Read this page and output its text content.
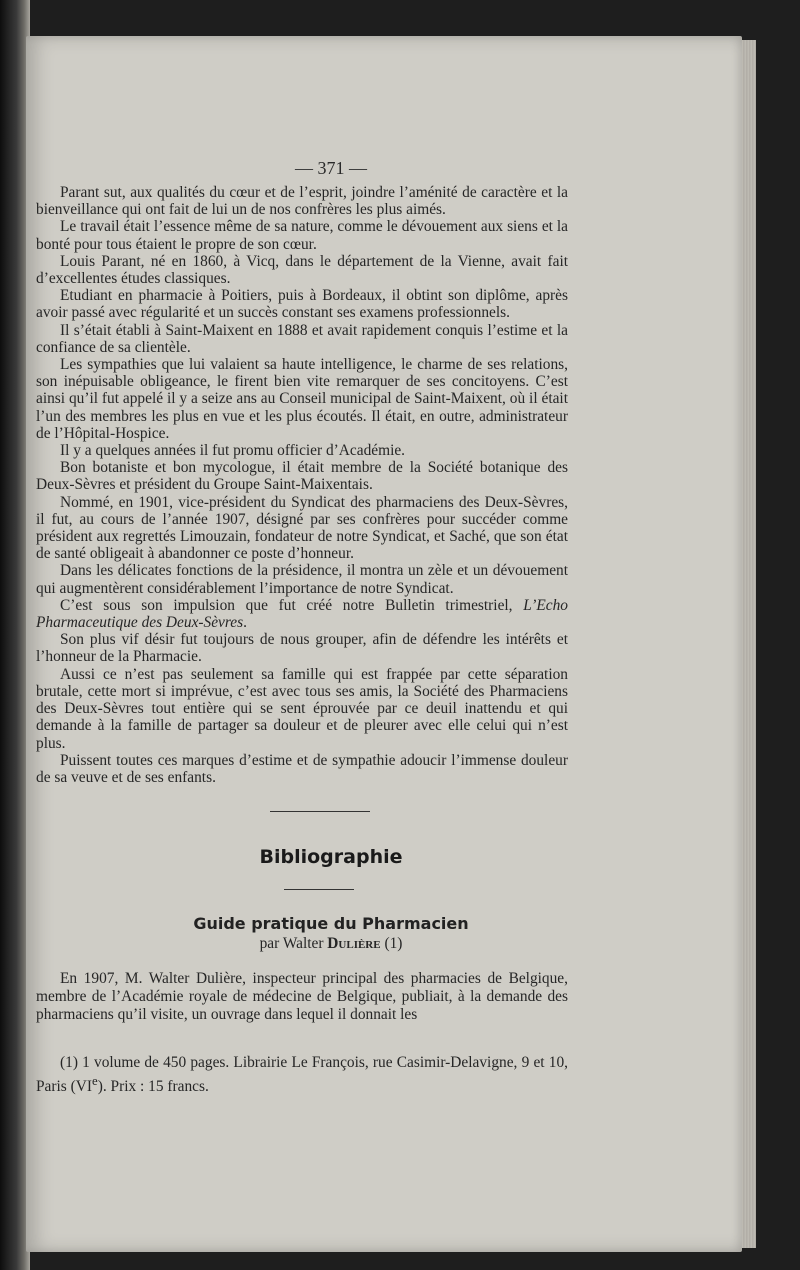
— 371 —

Parant sut, aux qualités du cœur et de l’esprit, joindre l’aménité de caractère et la bienveillance qui ont fait de lui un de nos confrères les plus aimés.

Le travail était l’essence même de sa nature, comme le dévouement aux siens et la bonté pour tous étaient le propre de son cœur.

Louis Parant, né en 1860, à Vicq, dans le département de la Vienne, avait fait d’excellentes études classiques.

Etudiant en pharmacie à Poitiers, puis à Bordeaux, il obtint son diplôme, après avoir passé avec régularité et un succès constant ses examens professionnels.

Il s’était établi à Saint-Maixent en 1888 et avait rapidement conquis l’estime et la confiance de sa clientèle.

Les sympathies que lui valaient sa haute intelligence, le charme de ses relations, son inépuisable obligeance, le firent bien vite remarquer de ses concitoyens. C’est ainsi qu’il fut appelé il y a seize ans au Conseil municipal de Saint-Maixent, où il était l’un des membres les plus en vue et les plus écoutés. Il était, en outre, administrateur de l’Hôpital-Hospice.

Il y a quelques années il fut promu officier d’Académie.

Bon botaniste et bon mycologue, il était membre de la Société botanique des Deux-Sèvres et président du Groupe Saint-Maixentais.

Nommé, en 1901, vice-président du Syndicat des pharmaciens des Deux-Sèvres, il fut, au cours de l’année 1907, désigné par ses confrères pour succéder comme président aux regrettés Limouzain, fondateur de notre Syndicat, et Saché, que son état de santé obligeait à abandonner ce poste d’honneur.

Dans les délicates fonctions de la présidence, il montra un zèle et un dévouement qui augmentèrent considérablement l’importance de notre Syndicat.

C’est sous son impulsion que fut créé notre Bulletin trimestriel, L’Echo Pharmaceutique des Deux-Sèvres.

Son plus vif désir fut toujours de nous grouper, afin de défendre les intérêts et l’honneur de la Pharmacie.

Aussi ce n’est pas seulement sa famille qui est frappée par cette séparation brutale, cette mort si imprévue, c’est avec tous ses amis, la Société des Pharmaciens des Deux-Sèvres tout entière qui se sent éprouvée par ce deuil inattendu et qui demande à la famille de partager sa douleur et de pleurer avec elle celui qui n’est plus.

Puissent toutes ces marques d’estime et de sympathie adoucir l’immense douleur de sa veuve et de ses enfants.

Bibliographie
Guide pratique du Pharmacien
par Walter Dulière (1)

En 1907, M. Walter Dulière, inspecteur principal des pharmacies de Belgique, membre de l’Académie royale de médecine de Belgique, publiait, à la demande des pharmaciens qu’il visite, un ouvrage dans lequel il donnait les

(1) 1 volume de 450 pages. Librairie Le François, rue Casimir-Delavigne, 9 et 10, Paris (VIe). Prix : 15 francs.
